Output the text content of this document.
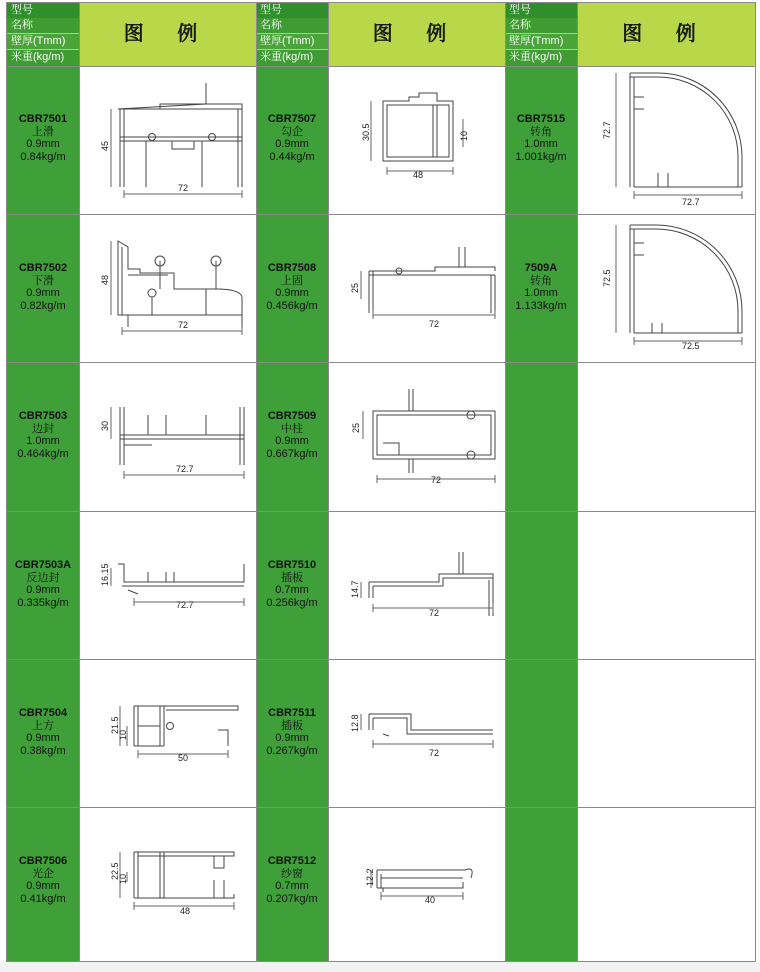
型号
名称
壁厚(Tmm)
米重(kg/m)
图 例
型号
名称
壁厚(Tmm)
米重(kg/m)
图 例
型号
名称
壁厚(Tmm)
米重(kg/m)
图 例
CBR7501
上滑
0.9mm
0.84kg/m
CBR7502
下滑
0.9mm
0.82kg/m
CBR7503
边封
1.0mm
0.464kg/m
CBR7503A
反边封
0.9mm
0.335kg/m
CBR7504
上方
0.9mm
0.38kg/m
CBR7506
光企
0.9mm
0.41kg/m
CBR7507
勾企
0.9mm
0.44kg/m
CBR7508
上固
0.9mm
0.456kg/m
CBR7509
中柱
0.9mm
0.667kg/m
CBR7510
插板
0.7mm
0.256kg/m
CBR7511
插板
0.9mm
0.267kg/m
CBR7512
纱窗
0.7mm
0.207kg/m
CBR7515
转角
1.0mm
1.001kg/m
7509A
转角
1.0mm
1.133kg/m
45
72
48
72
30
72.7
16.15
72.7
21.5
10
50
22.5
10
48
30.5	10
48
25
72
25
72
14.7
72
12.8
72
12.2
40
72.7
72.7
72.5
72.5
